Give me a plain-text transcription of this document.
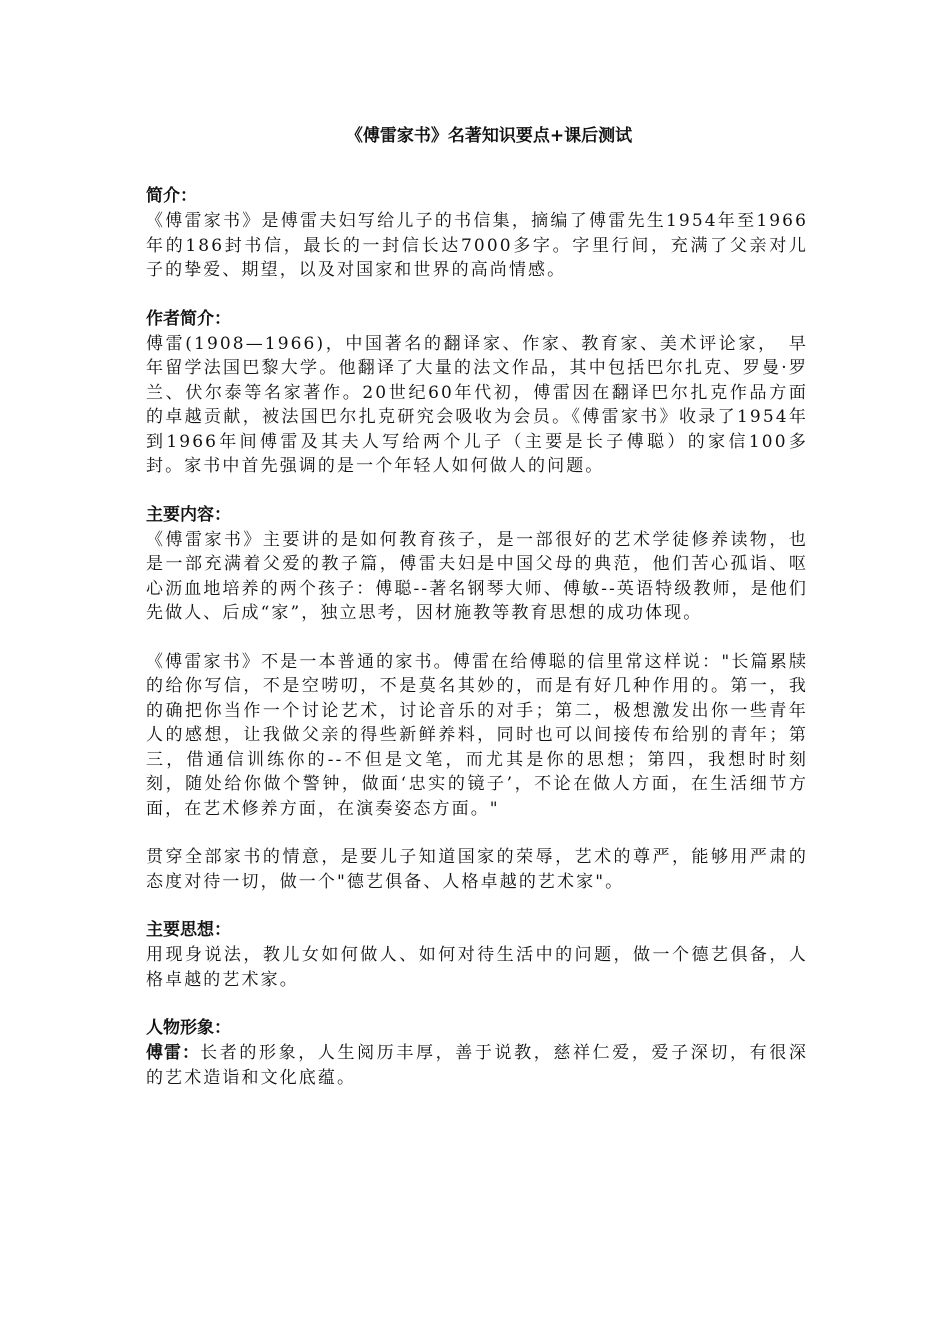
《傅雷家书》名著知识要点+课后测试
简介：

《傅雷家书》是傅雷夫妇写给儿子的书信集，摘编了傅雷先生1954年至1966年的186封书信，最长的一封信长达7000多字。字里行间，充满了父亲对儿子的挚爱、期望，以及对国家和世界的高尚情感。

作者简介：

傅雷(1908—1966)，中国著名的翻译家、作家、教育家、美术评论家，　早年留学法国巴黎大学。他翻译了大量的法文作品，其中包括巴尔扎克、罗曼·罗兰、伏尔泰等名家著作。20世纪60年代初，傅雷因在翻译巴尔扎克作品方面的卓越贡献，被法国巴尔扎克研究会吸收为会员。《傅雷家书》收录了1954年到1966年间傅雷及其夫人写给两个儿子（主要是长子傅聪）的家信100多封。家书中首先强调的是一个年轻人如何做人的问题。

主要内容：

《傅雷家书》主要讲的是如何教育孩子，是一部很好的艺术学徒修养读物，也是一部充满着父爱的教子篇，傅雷夫妇是中国父母的典范，他们苦心孤诣、呕心沥血地培养的两个孩子：傅聪--著名钢琴大师、傅敏--英语特级教师，是他们先做人、后成“家”，独立思考，因材施教等教育思想的成功体现。

《傅雷家书》不是一本普通的家书。傅雷在给傅聪的信里常这样说："长篇累牍的给你写信，不是空唠叨，不是莫名其妙的，而是有好几种作用的。第一，我的确把你当作一个讨论艺术，讨论音乐的对手；第二，极想激发出你一些青年人的感想，让我做父亲的得些新鲜养料，同时也可以间接传布给别的青年；第三，借通信训练你的--不但是文笔，而尤其是你的思想；第四，我想时时刻刻，随处给你做个警钟，做面‘忠实的镜子’，不论在做人方面，在生活细节方面，在艺术修养方面，在演奏姿态方面。"

贯穿全部家书的情意，是要儿子知道国家的荣辱，艺术的尊严，能够用严肃的态度对待一切，做一个"德艺俱备、人格卓越的艺术家"。

主要思想：

用现身说法，教儿女如何做人、如何对待生活中的问题，做一个德艺俱备，人格卓越的艺术家。

人物形象：

傅雷：长者的形象，人生阅历丰厚，善于说教，慈祥仁爱，爱子深切，有很深的艺术造诣和文化底蕴。
